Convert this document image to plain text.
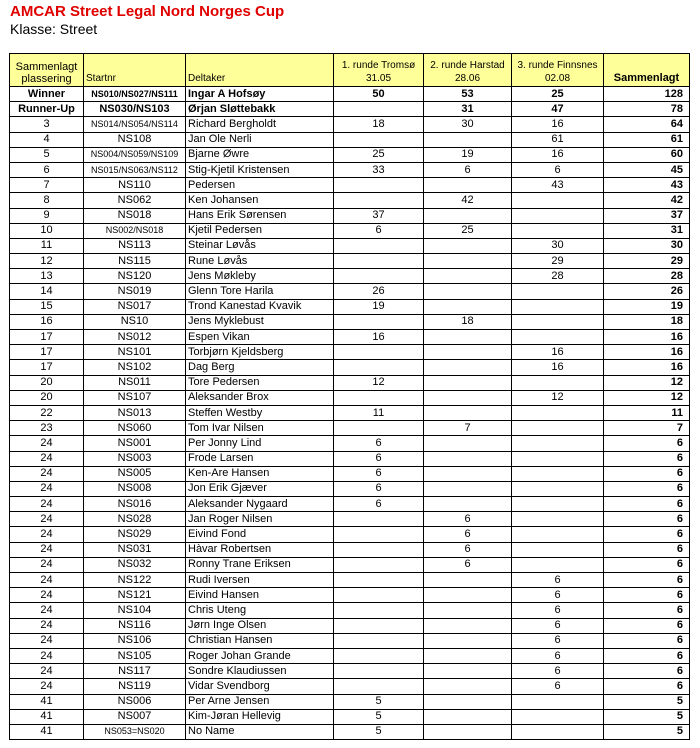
AMCAR Street Legal Nord Norges Cup
Klasse: Street
Sammenlagt plassering	Startnr	Deltaker	1. runde Tromsø 31.05	2. runde Harstad 28.06	3. runde Finnsnes 02.08	Sammenlagt
Winner	NS010/NS027/NS111	Ingar A Hofsøy	50	53	25	128
Runner-Up	NS030/NS103	Ørjan Sløttebakk		31	47	78
3	NS014/NS054/NS114	Richard Bergholdt	18	30	16	64
4	NS108	Jan Ole Nerli			61	61
5	NS004/NS059/NS109	Bjarne Øwre	25	19	16	60
6	NS015/NS063/NS112	Stig-Kjetil Kristensen	33	6	6	45
7	NS110	Pedersen			43	43
8	NS062	Ken Johansen		42		42
9	NS018	Hans Erik Sørensen	37			37
10	NS002/NS018	Kjetil Pedersen	6	25		31
11	NS113	Steinar Løvås			30	30
12	NS115	Rune Løvås			29	29
13	NS120	Jens Møkleby			28	28
14	NS019	Glenn Tore Harila	26			26
15	NS017	Trond Kanestad Kvavik	19			19
16	NS10	Jens Myklebust		18		18
17	NS012	Espen Vikan	16			16
17	NS101	Torbjørn Kjeldsberg			16	16
17	NS102	Dag Berg			16	16
20	NS011	Tore Pedersen	12			12
20	NS107	Aleksander Brox			12	12
22	NS013	Steffen Westby	11			11
23	NS060	Tom Ivar Nilsen		7		7
24	NS001	Per Jonny Lind	6			6
24	NS003	Frode Larsen	6			6
24	NS005	Ken-Are Hansen	6			6
24	NS008	Jon Erik Gjæver	6			6
24	NS016	Aleksander Nygaard	6			6
24	NS028	Jan Roger Nilsen		6		6
24	NS029	Eivind Fond		6		6
24	NS031	Hàvar Robertsen		6		6
24	NS032	Ronny Trane Eriksen		6		6
24	NS122	Rudi Iversen			6	6
24	NS121	Eivind Hansen			6	6
24	NS104	Chris Uteng			6	6
24	NS116	Jørn Inge Olsen			6	6
24	NS106	Christian Hansen			6	6
24	NS105	Roger Johan Grande			6	6
24	NS117	Sondre Klaudiussen			6	6
24	NS119	Vidar Svendborg			6	6
41	NS006	Per Arne Jensen	5			5
41	NS007	Kim-Jøran Hellevig	5			5
41	NS053=NS020	No Name	5			5
